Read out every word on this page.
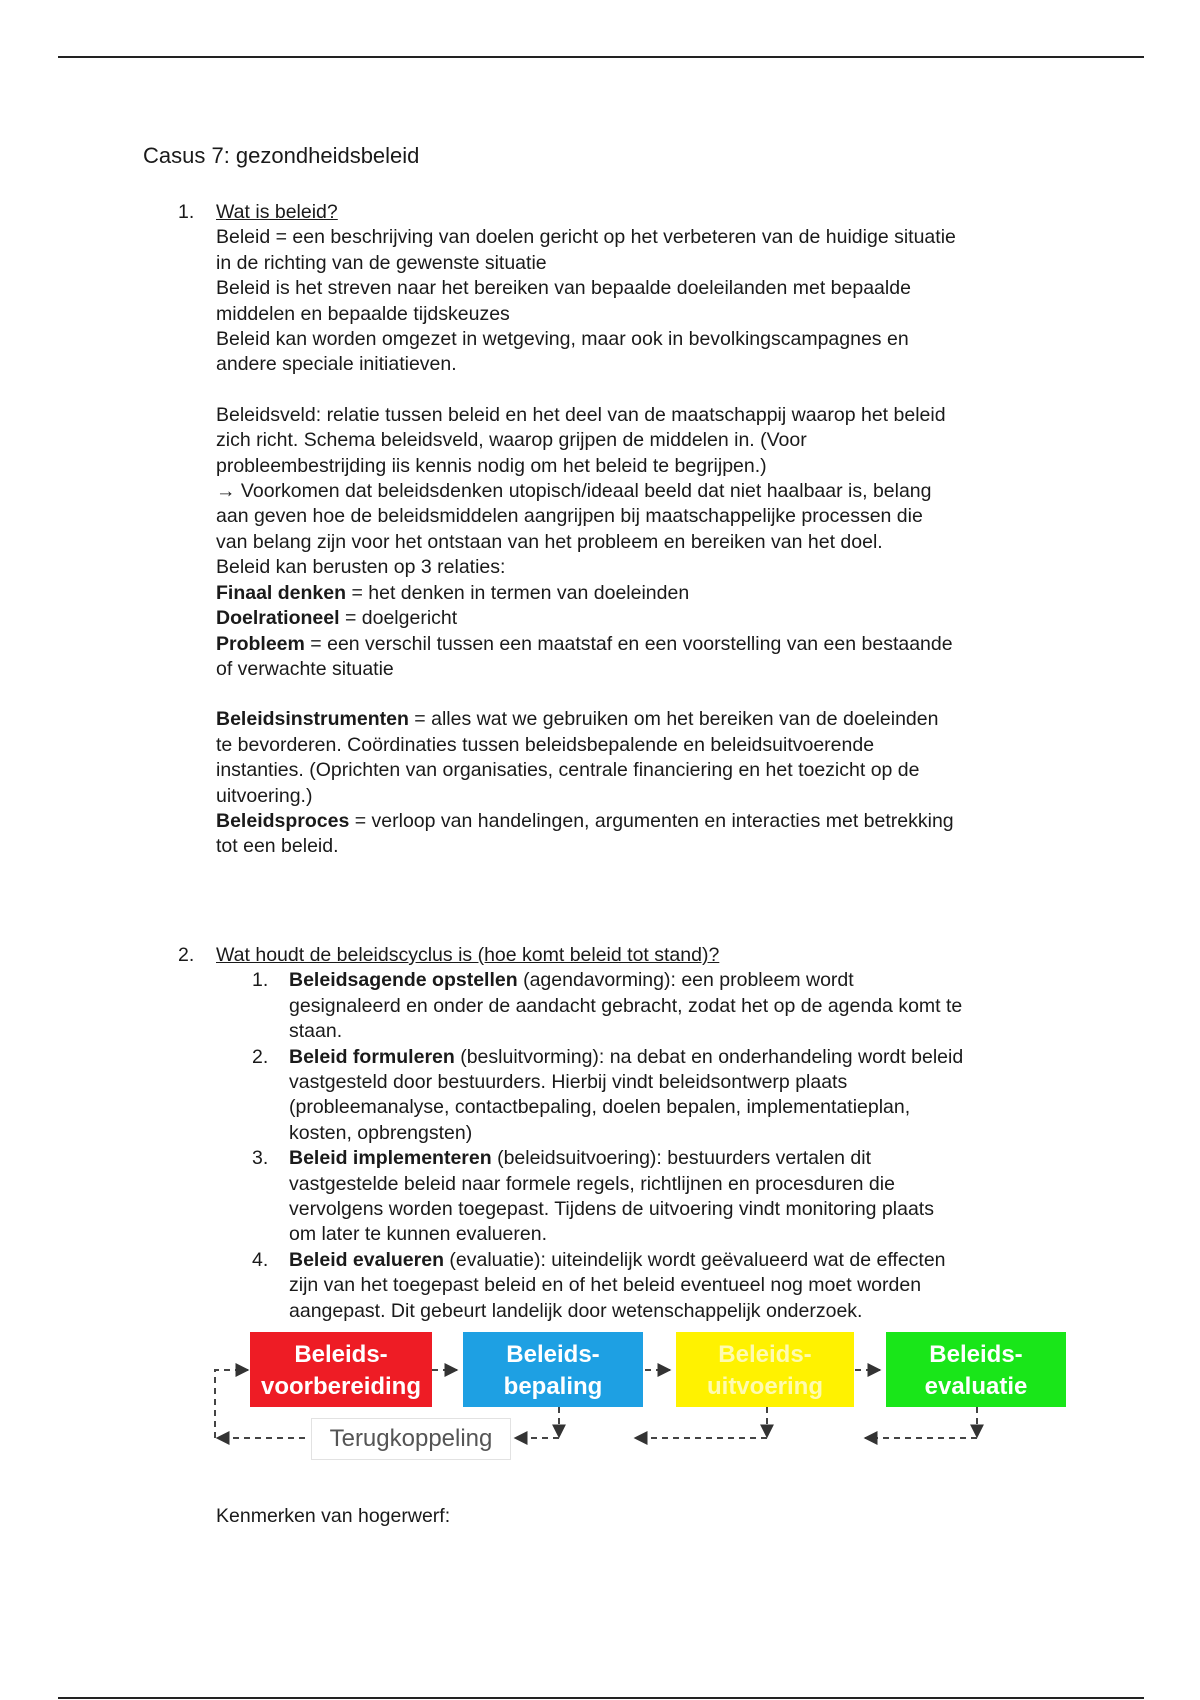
Casus 7: gezondheidsbeleid
1. Wat is beleid?
Beleid = een beschrijving van doelen gericht op het verbeteren van de huidige situatie
in de richting van de gewenste situatie
Beleid is het streven naar het bereiken van bepaalde doeleilanden met bepaalde
middelen en bepaalde tijdskeuzes
Beleid kan worden omgezet in wetgeving, maar ook in bevolkingscampagnes en
andere speciale initiatieven.
Beleidsveld: relatie tussen beleid en het deel van de maatschappij waarop het beleid
zich richt. Schema beleidsveld, waarop grijpen de middelen in. (Voor
probleembestrijding iis kennis nodig om het beleid te begrijpen.)
→ Voorkomen dat beleidsdenken utopisch/ideaal beeld dat niet haalbaar is, belang
aan geven hoe de beleidsmiddelen aangrijpen bij maatschappelijke processen die
van belang zijn voor het ontstaan van het probleem en bereiken van het doel.
Beleid kan berusten op 3 relaties:
Finaal denken = het denken in termen van doeleinden
Doelrationeel = doelgericht
Probleem = een verschil tussen een maatstaf en een voorstelling van een bestaande
of verwachte situatie
Beleidsinstrumenten = alles wat we gebruiken om het bereiken van de doeleinden
te bevorderen. Coördinaties tussen beleidsbepalende en beleidsuitvoerende
instanties. (Oprichten van organisaties, centrale financiering en het toezicht op de
uitvoering.)
Beleidsproces = verloop van handelingen, argumenten en interacties met betrekking
tot een beleid.
2. Wat houdt de beleidscyclus is (hoe komt beleid tot stand)?
1. Beleidsagende opstellen (agendavorming): een probleem wordt
gesignaleerd en onder de aandacht gebracht, zodat het op de agenda komt te
staan.
2. Beleid formuleren (besluitvorming): na debat en onderhandeling wordt beleid
vastgesteld door bestuurders. Hierbij vindt beleidsontwerp plaats
(probleemanalyse, contactbepaling, doelen bepalen, implementatieplan,
kosten, opbrengsten)
3. Beleid implementeren (beleidsuitvoering): bestuurders vertalen dit
vastgestelde beleid naar formele regels, richtlijnen en procesduren die
vervolgens worden toegepast. Tijdens de uitvoering vindt monitoring plaats
om later te kunnen evalueren.
4. Beleid evalueren (evaluatie): uiteindelijk wordt geëvalueerd wat de effecten
zijn van het toegepast beleid en of het beleid eventueel nog moet worden
aangepast. Dit gebeurt landelijk door wetenschappelijk onderzoek.
Beleids-
voorbereiding
Beleids-
bepaling
Beleids-
uitvoering
Beleids-
evaluatie
Terugkoppeling
Kenmerken van hogerwerf:
